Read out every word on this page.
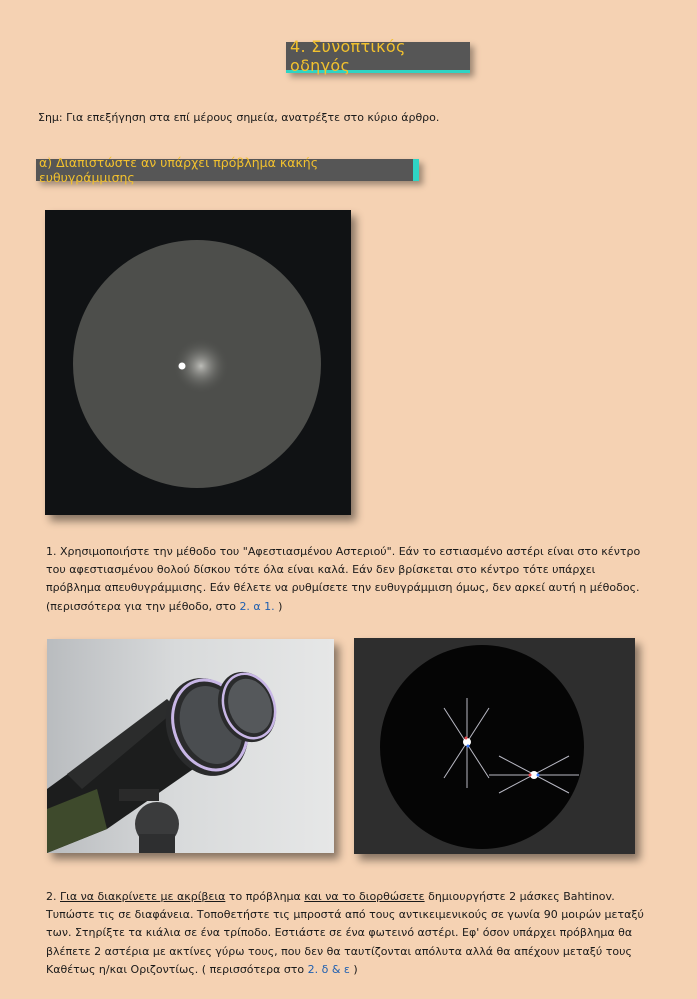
4. Συνοπτικός οδηγός
Σημ: Για επεξήγηση στα επί μέρους σημεία, ανατρέξτε στο κύριο άρθρο.
α) Διαπιστώστε αν υπάρχει πρόβλημα κακής ευθυγράμμισης
1. Χρησιμοποιήστε την μέθοδο του "Αφεστιασμένου Αστεριού". Εάν το εστιασμένο αστέρι είναι στο κέντρο του αφεστιασμένου θολού δίσκου τότε όλα είναι καλά. Εάν δεν βρίσκεται στο κέντρο τότε υπάρχει πρόβλημα απευθυγράμμισης. Εάν θέλετε να ρυθμίσετε την ευθυγράμμιση όμως, δεν αρκεί αυτή η μέθοδος. (περισσότερα για την μέθοδο, στο 2. α 1. )
2. Για να διακρίνετε με ακρίβεια το πρόβλημα και να το διορθώσετε δημιουργήστε 2 μάσκες Bahtinov. Τυπώστε τις σε διαφάνεια. Τοποθετήστε τις μπροστά από τους αντικειμενικούς σε γωνία 90 μοιρών μεταξύ των. Στηρίξτε τα κιάλια σε ένα τρίποδο. Εστιάστε σε ένα φωτεινό αστέρι. Εφ' όσον υπάρχει πρόβλημα θα βλέπετε 2 αστέρια με ακτίνες γύρω τους, που δεν θα ταυτίζονται απόλυτα αλλά θα απέχουν μεταξύ τους Καθέτως η/και Οριζοντίως. ( περισσότερα στο 2. δ & ε )
